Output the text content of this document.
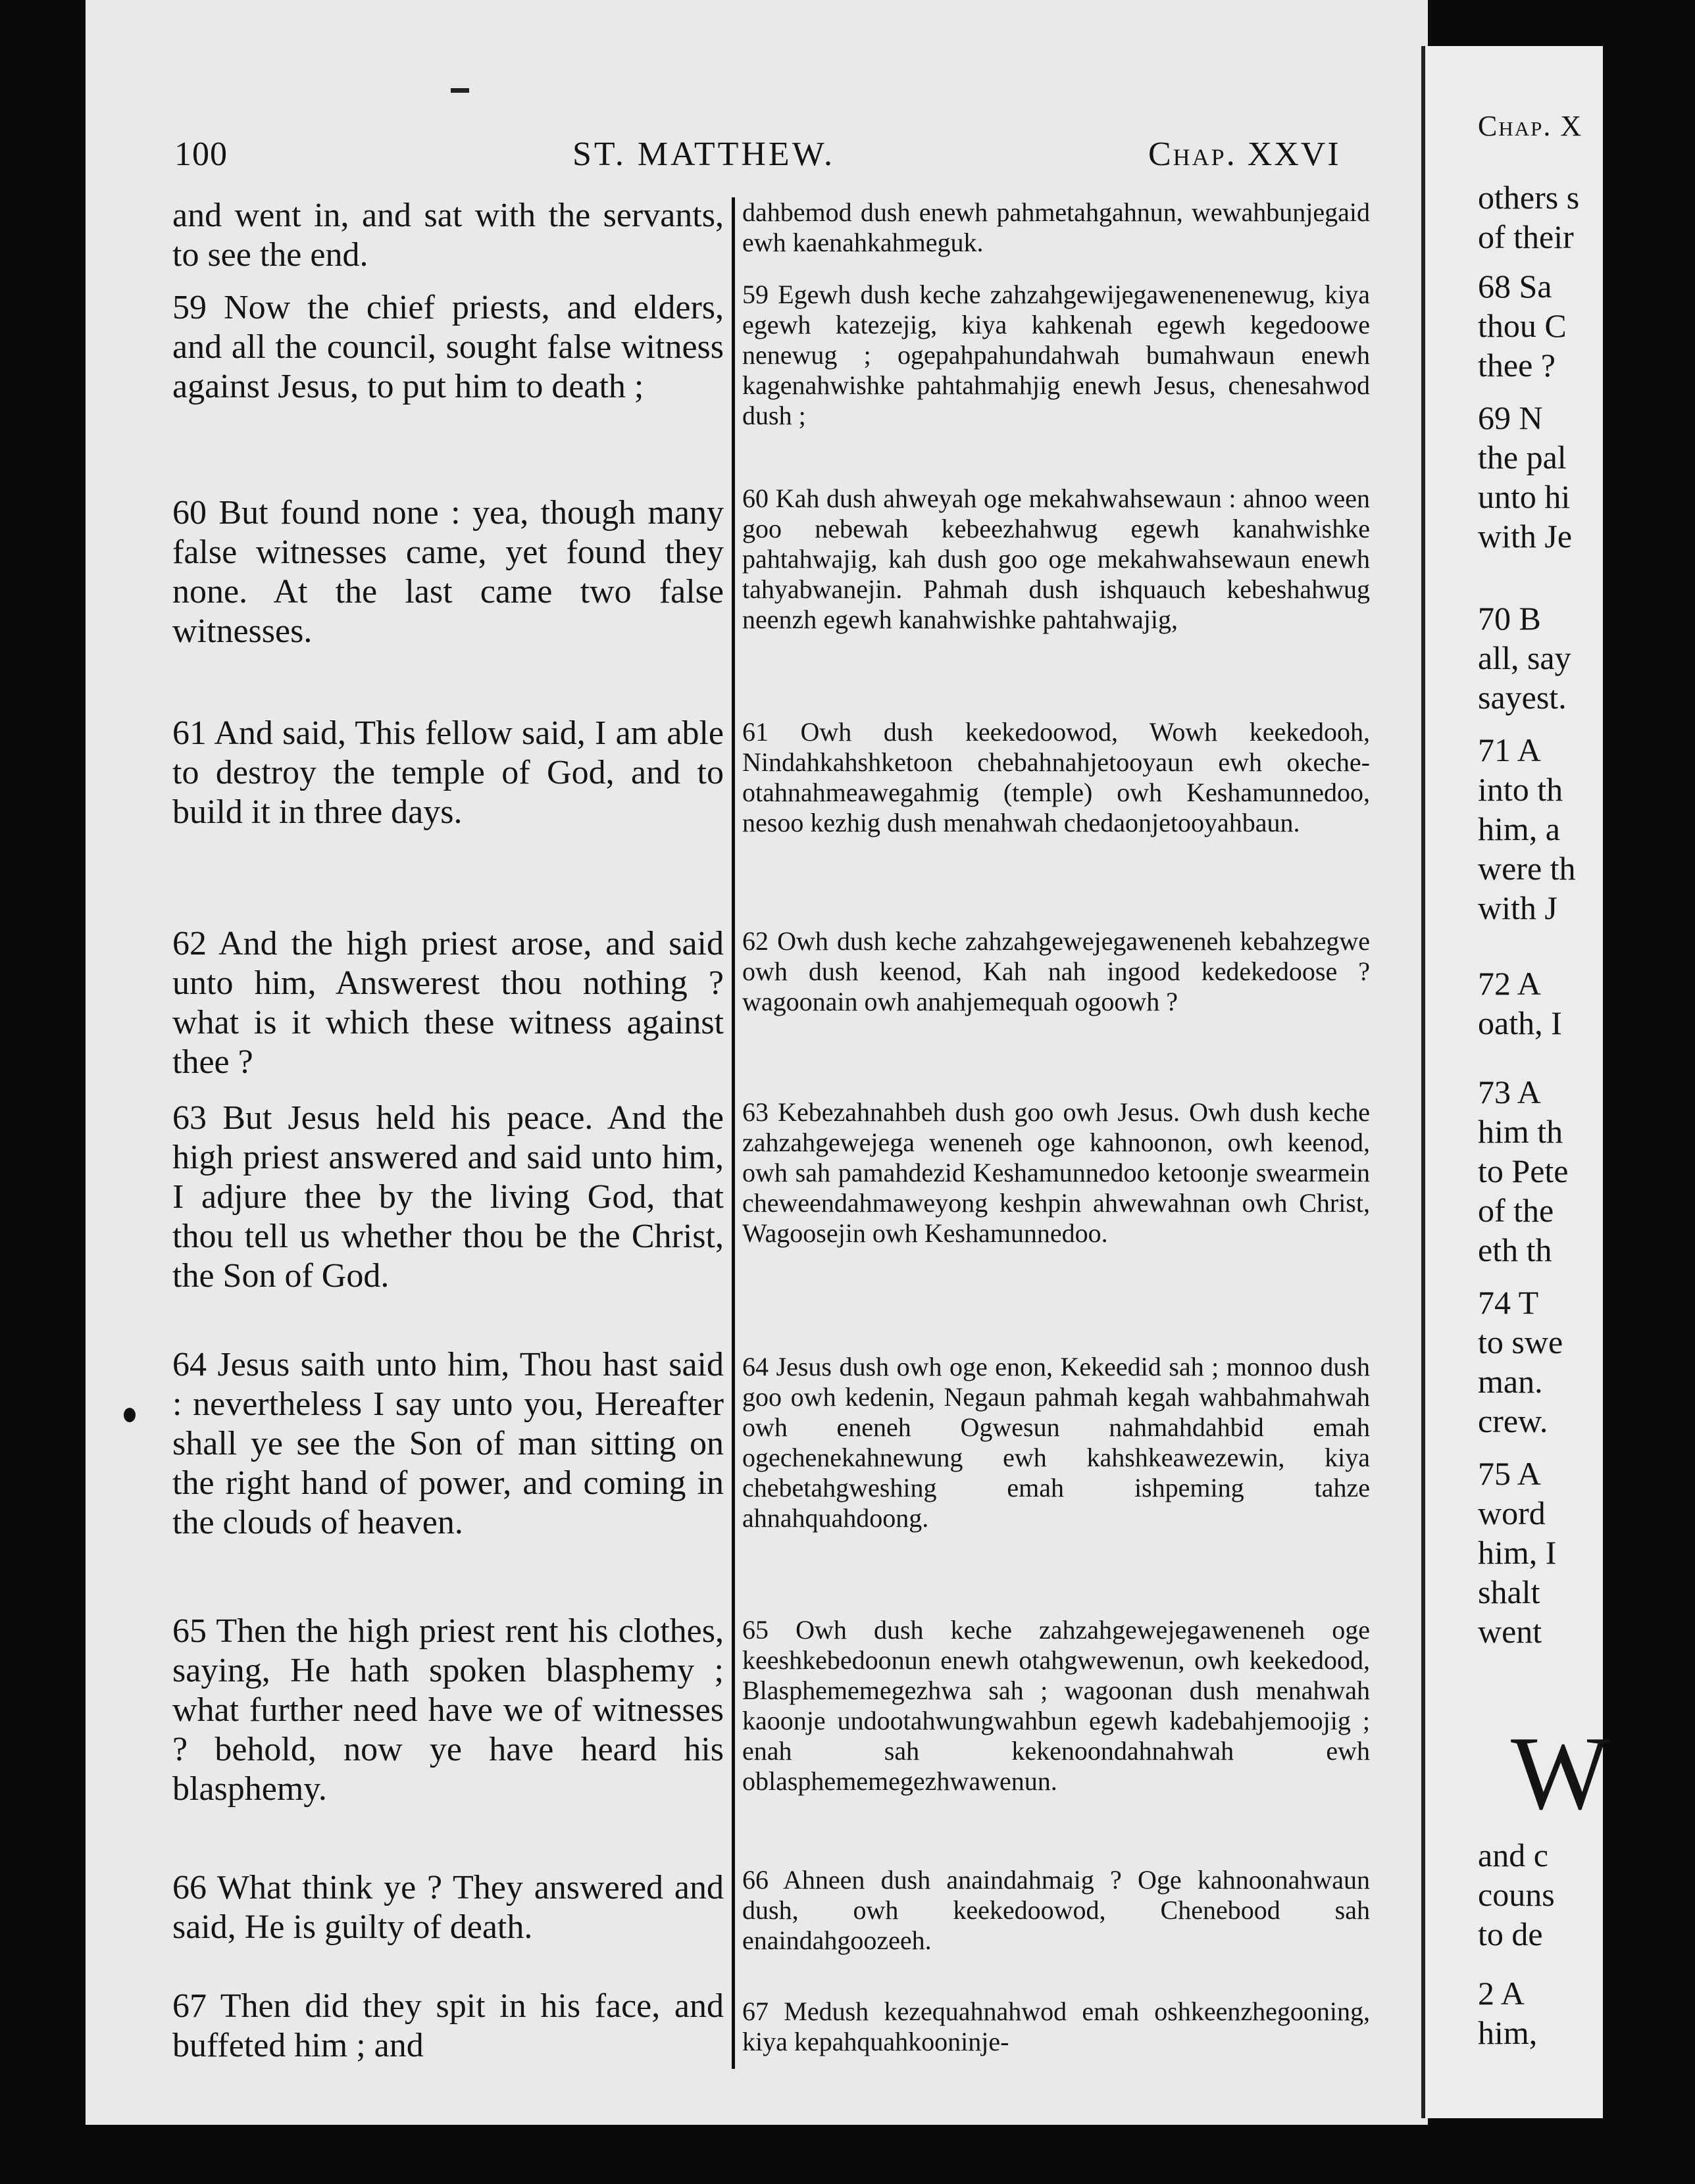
100	ST. MATTHEW.	Chap. XXVI

and went in, and sat with the servants, to see the end.

59 Now the chief priests, and elders, and all the council, sought false witness against Jesus, to put him to death ;

60 But found none : yea, though many false witnesses came, yet found they none. At the last came two false witnesses.

61 And said, This fellow said, I am able to destroy the temple of God, and to build it in three days.

62 And the high priest arose, and said unto him, Answerest thou nothing ? what is it which these witness against thee ?

63 But Jesus held his peace. And the high priest answered and said unto him, I adjure thee by the living God, that thou tell us whether thou be the Christ, the Son of God.

64 Jesus saith unto him, Thou hast said : nevertheless I say unto you, Hereafter shall ye see the Son of man sitting on the right hand of power, and coming in the clouds of heaven.

65 Then the high priest rent his clothes, saying, He hath spoken blasphemy ; what further need have we of witnesses ? behold, now ye have heard his blasphemy.

66 What think ye ? They answered and said, He is guilty of death.

67 Then did they spit in his face, and buffeted him ; and

dahbemod dush enewh pahmetahgahnun, wewahbunjegaid ewh kaenahkahmeguk.

59 Egewh dush keche zahzahgewijegawenenenewug, kiya egewh katezejig, kiya kahkenah egewh kegedoowe nenewug ; ogepahpahundahwah bumahwaun enewh kagenahwishke pahtahmahjig enewh Jesus, chenesahwod dush ;

60 Kah dush ahweyah oge mekahwahsewaun : ahnoo ween goo nebewah kebeezhahwug egewh kanahwishke pahtahwajig, kah dush goo oge mekahwahsewaun enewh tahyabwanejin. Pahmah dush ishquauch kebeshahwug neenzh egewh kanahwishke pahtahwajig,

61 Owh dush keekedoowod, Wowh keekedooh, Nindahkahshketoon chebahnahjetooyaun ewh okeche-otahnahmeawegahmig (temple) owh Keshamunnedoo, nesoo kezhig dush menahwah chedaonjetooyahbaun.

62 Owh dush keche zahzahgewejegaweneneh kebahzegwe owh dush keenod, Kah nah ingood kedekedoose ? wagoonain owh anahjemequah ogoowh ?

63 Kebezahnahbeh dush goo owh Jesus. Owh dush keche zahzahgewejega weneneh oge kahnoonon, owh keenod, owh sah pamahdezid Keshamunnedoo ketoonje swearmein cheweendahmaweyong keshpin ahwewahnan owh Christ, Wagoosejin owh Keshamunnedoo.

64 Jesus dush owh oge enon, Kekeedid sah ; monnoo dush goo owh kedenin, Negaun pahmah kegah wahbahmahwah owh eneneh Ogwesun nahmahdahbid emah ogechenekahnewung ewh kahshkeawezewin, kiya chebetahgweshing emah ishpeming tahze ahnahquahdoong.

65 Owh dush keche zahzahgewejegaweneneh oge keeshkebedoonun enewh otahgwewenun, owh keekedood, Blasphememegezhwa sah ; wagoonan dush menahwah kaoonje undootahwungwahbun egewh kadebahjemoojig ; enah sah kekenoondahnahwah ewh oblasphememegezhwawenun.

66 Ahneen dush anaindahmaig ? Oge kahnoonahwaun dush, owh keekedoowod, Chenebood sah enaindahgoozeeh.

67 Medush kezequahnahwod emah oshkeenzhegooning, kiya kepahquahkooninje-

Chap. X

others s

of their

68 Sa

thou C

thee ?

69 N

the pal

unto hi

with Je

70 B

all, say

sayest.

71 A

into th

him, a

were th

with J

72 A

oath, I

73 A

him th

to Pete

of the

eth th

74 T

to swe

man.

crew.

75 A

word

him, I

shalt

went

W

and c

couns

to de

2 A

him,
